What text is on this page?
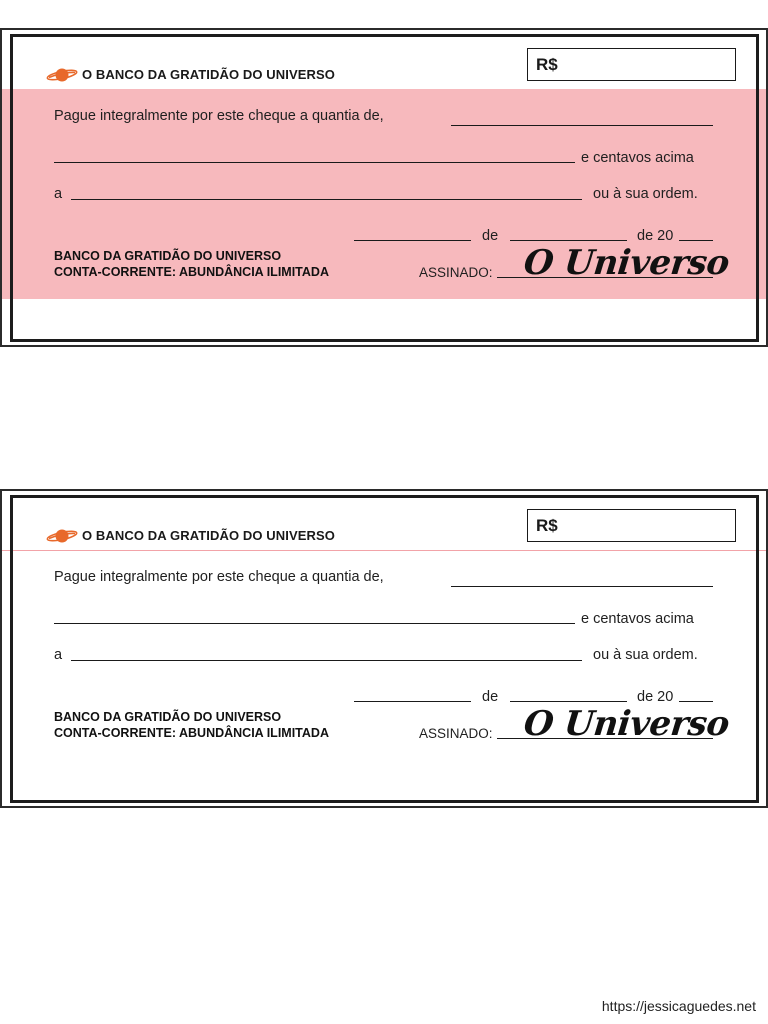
O BANCO DA GRATIDÃO DO UNIVERSO
R$
Pague integralmente por este cheque a quantia de,
e centavos acima
a	ou à sua ordem.
de	de 20
BANCO DA GRATIDÃO DO UNIVERSO
CONTA-CORRENTE: ABUNDÂNCIA ILIMITADA	ASSINADO: O Universo
O BANCO DA GRATIDÃO DO UNIVERSO
R$
Pague integralmente por este cheque a quantia de,
e centavos acima
a	ou à sua ordem.
de	de 20
BANCO DA GRATIDÃO DO UNIVERSO
CONTA-CORRENTE: ABUNDÂNCIA ILIMITADA	ASSINADO: O Universo
https://jessicaguedes.net
